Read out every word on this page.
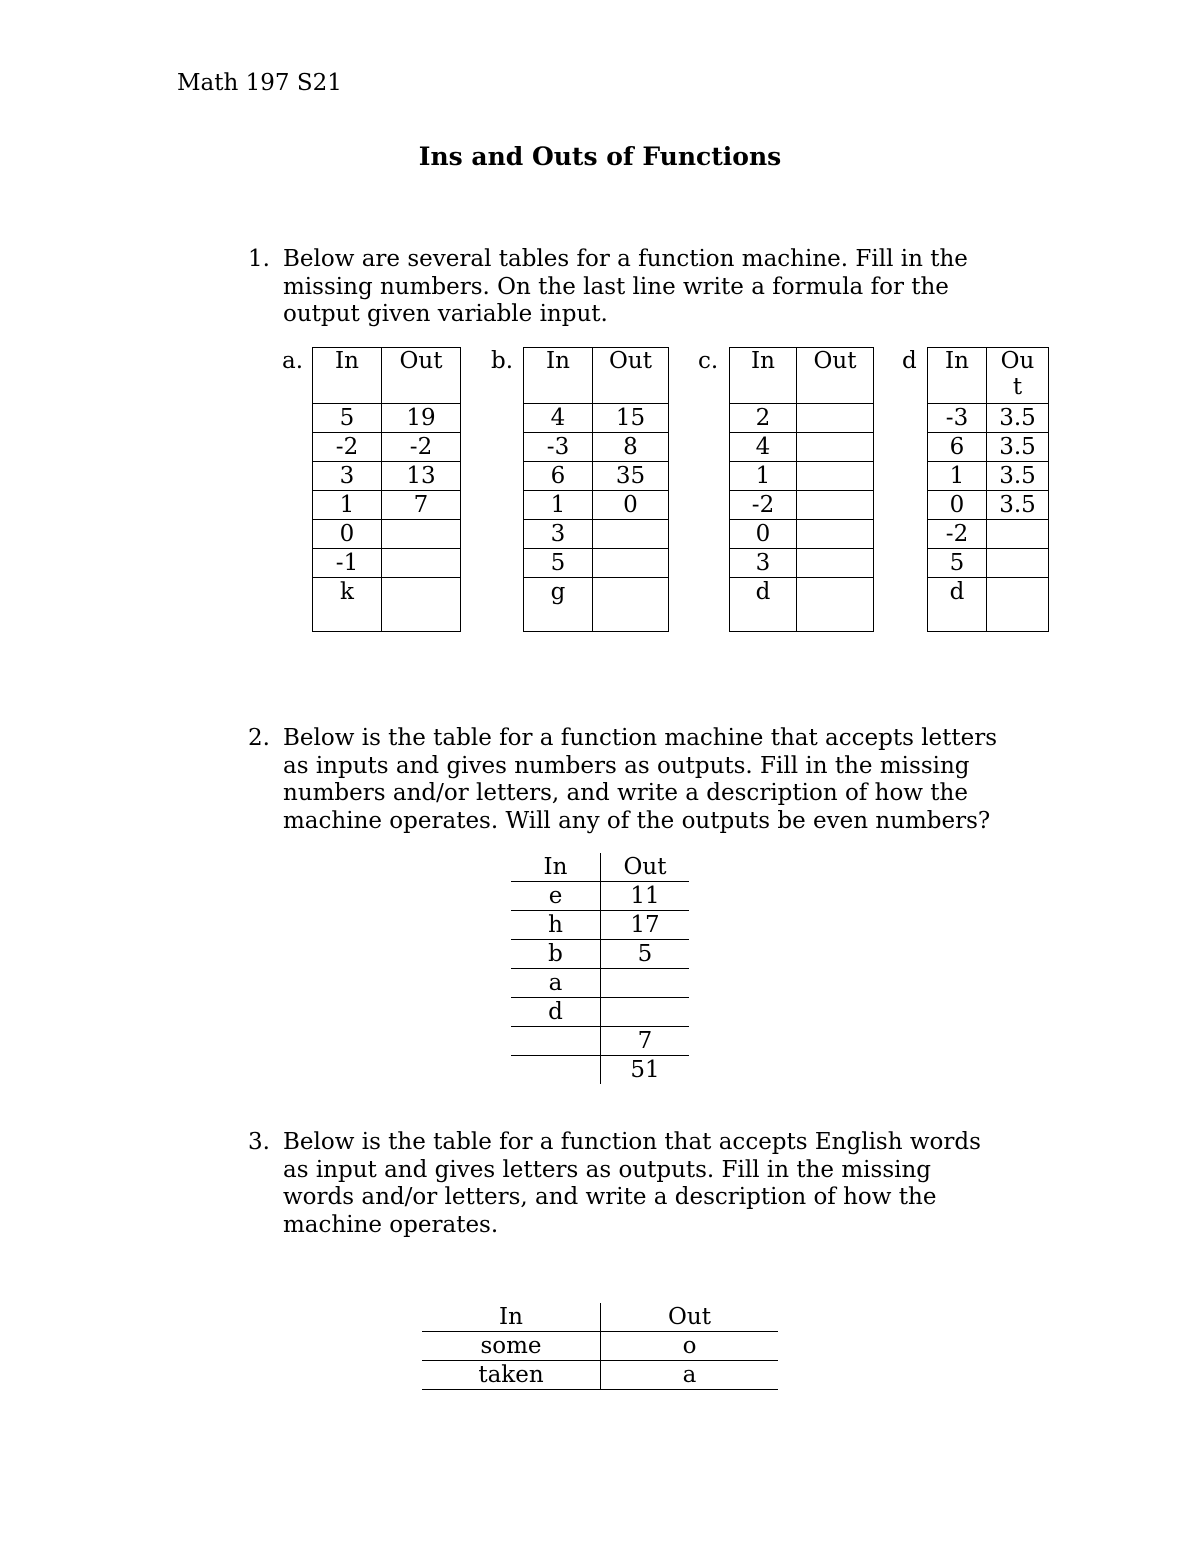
Math 197 S21
Ins and Outs of Functions
1. Below are several tables for a function machine. Fill in the
missing numbers. On the last line write a formula for the
output given variable input.
a. In	Out
5	19
-2	-2
3	13
1	7
0	
-1	
k	
b. In	Out
4	15
-3	8
6	35
1	0
3	
5	
g	
c. In	Out
2	
4	
1	
-2	
0	
3	
d	
d In	Ou
t
-3	3.5
6	3.5
1	3.5
0	3.5
-2	
5	
d	
2. Below is the table for a function machine that accepts letters
as inputs and gives numbers as outputs. Fill in the missing
numbers and/or letters, and write a description of how the
machine operates. Will any of the outputs be even numbers?
In	Out
e	11
h	17
b	5
a	
d	
	7
	51
3. Below is the table for a function that accepts English words
as input and gives letters as outputs. Fill in the missing
words and/or letters, and write a description of how the
machine operates.
In	Out
some	o
taken	a
